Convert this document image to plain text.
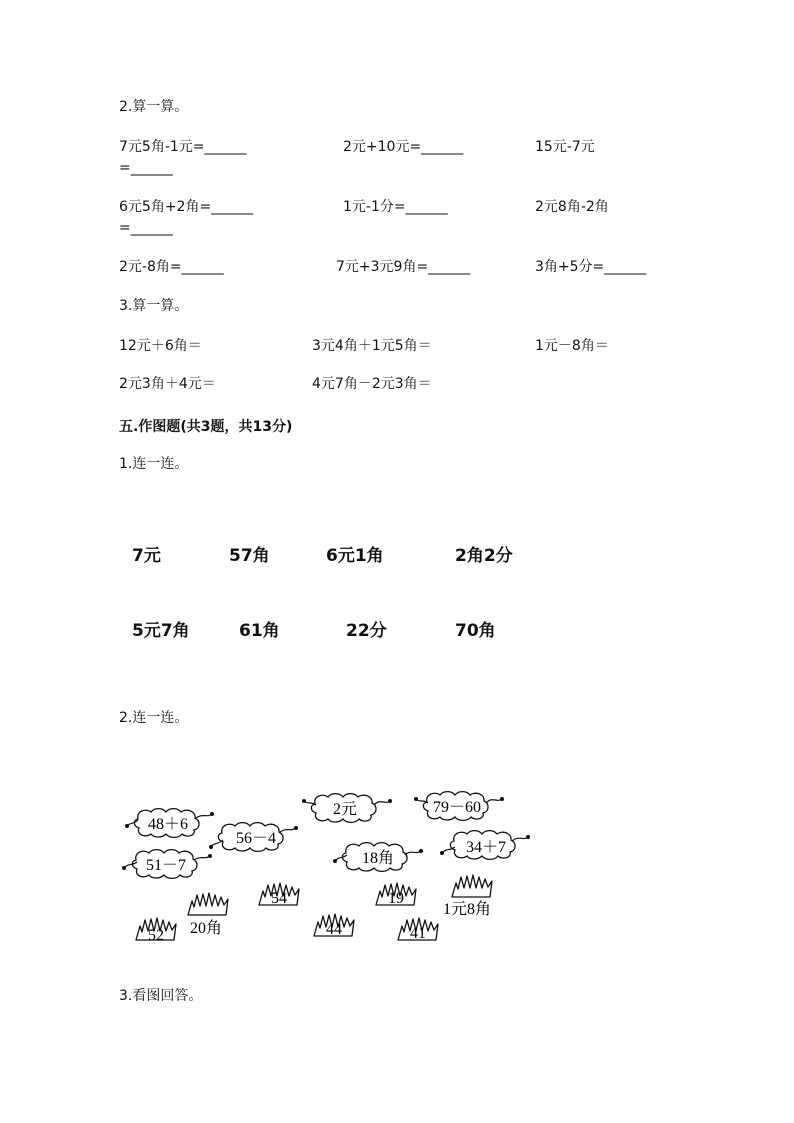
2.算一算。
7元5角-1元=______	2元+10元=______	15元-7元
=______
6元5角+2角=______	1元-1分=______	2元8角-2角
=______
2元-8角=______	7元+3元9角=______	3角+5分=______
3.算一算。
12元＋6角＝	3元4角＋1元5角＝	1元－8角＝
2元3角＋4元＝	4元7角－2元3角＝
五.作图题(共3题，共13分)
1.连一连。
7元	57角	6元1角	2角2分
5元7角	61角	22分	70角
2.连一连。
48＋6
56－4
2元	79－60
51－7	18角
34＋7
52
54
44
19
41
20角
1元8角
3.看图回答。
